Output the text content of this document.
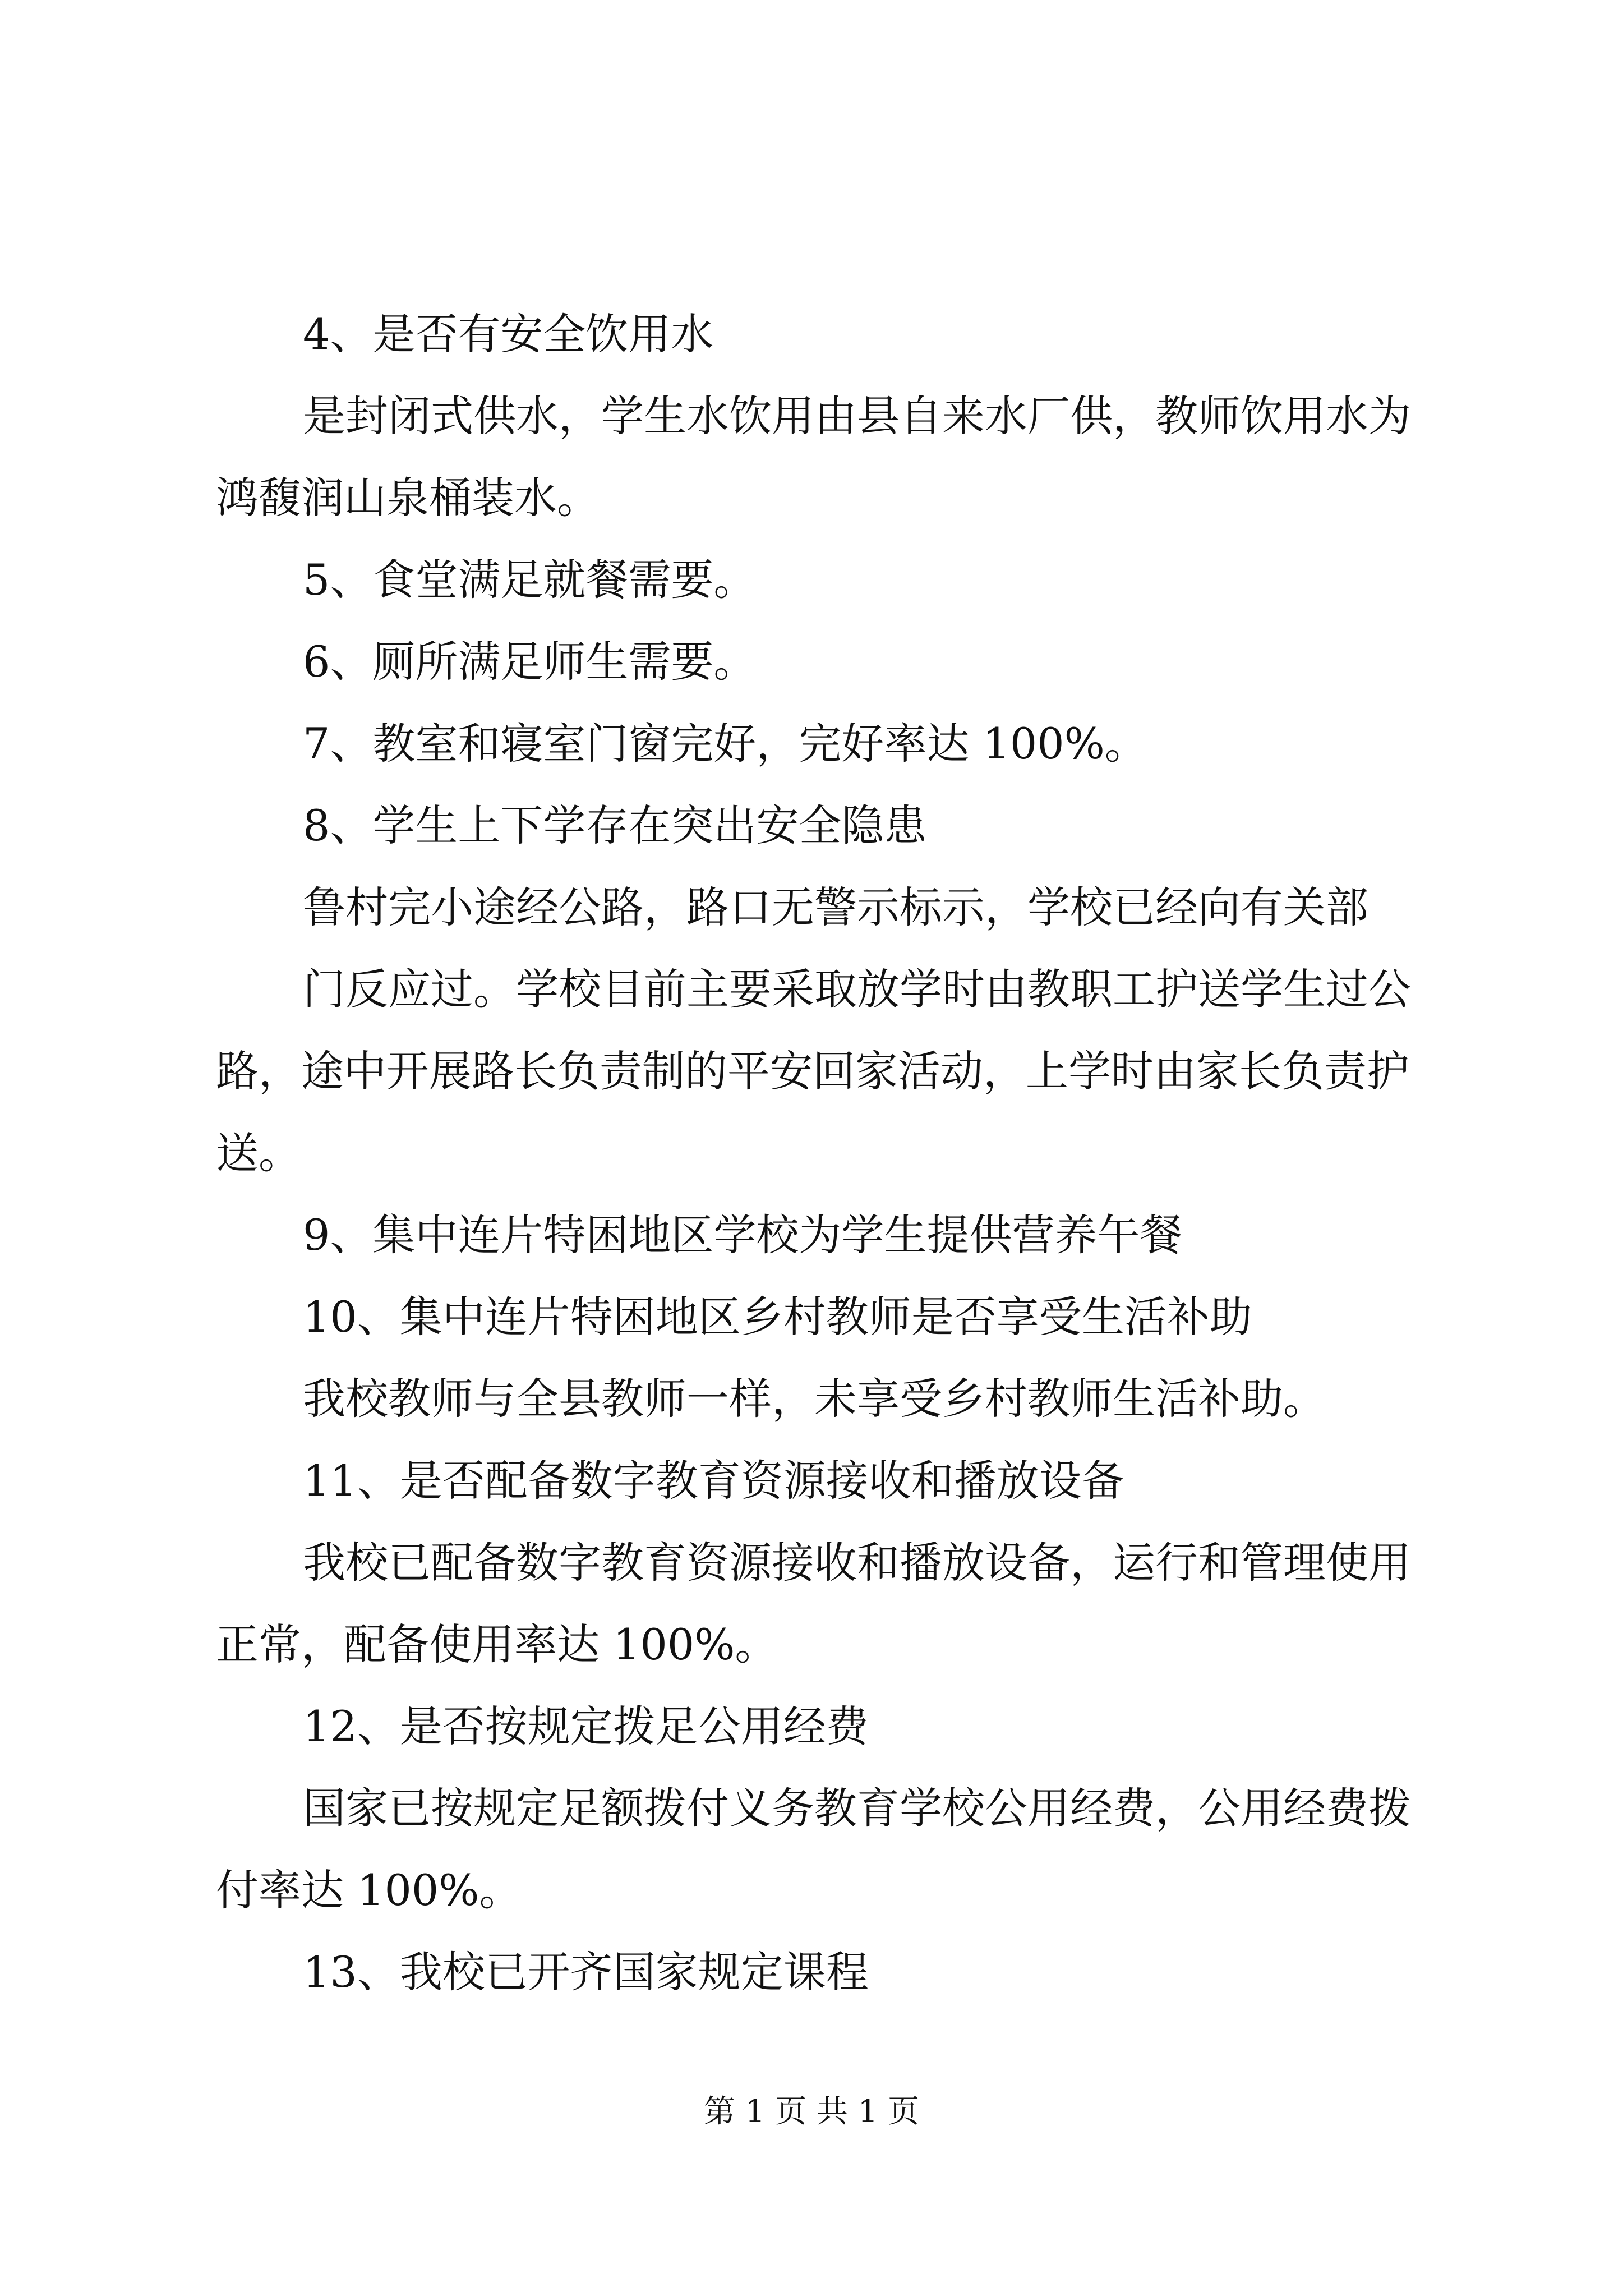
4、是否有安全饮用水

是封闭式供水，学生水饮用由县自来水厂供，教师饮用水为

鸿馥润山泉桶装水。

5、食堂满足就餐需要。

6、厕所满足师生需要。

7、教室和寝室门窗完好，完好率达 100%。

8、学生上下学存在突出安全隐患

鲁村完小途经公路，路口无警示标示，学校已经向有关部

门反应过。学校目前主要采取放学时由教职工护送学生过公

路，途中开展路长负责制的平安回家活动，上学时由家长负责护

送。

9、集中连片特困地区学校为学生提供营养午餐

10、集中连片特困地区乡村教师是否享受生活补助

我校教师与全县教师一样，未享受乡村教师生活补助。

11、是否配备数字教育资源接收和播放设备

我校已配备数字教育资源接收和播放设备，运行和管理使用

正常，配备使用率达 100%。

12、是否按规定拨足公用经费

国家已按规定足额拨付义务教育学校公用经费，公用经费拨

付率达 100%。

13、我校已开齐国家规定课程

第 1 页 共 1 页
